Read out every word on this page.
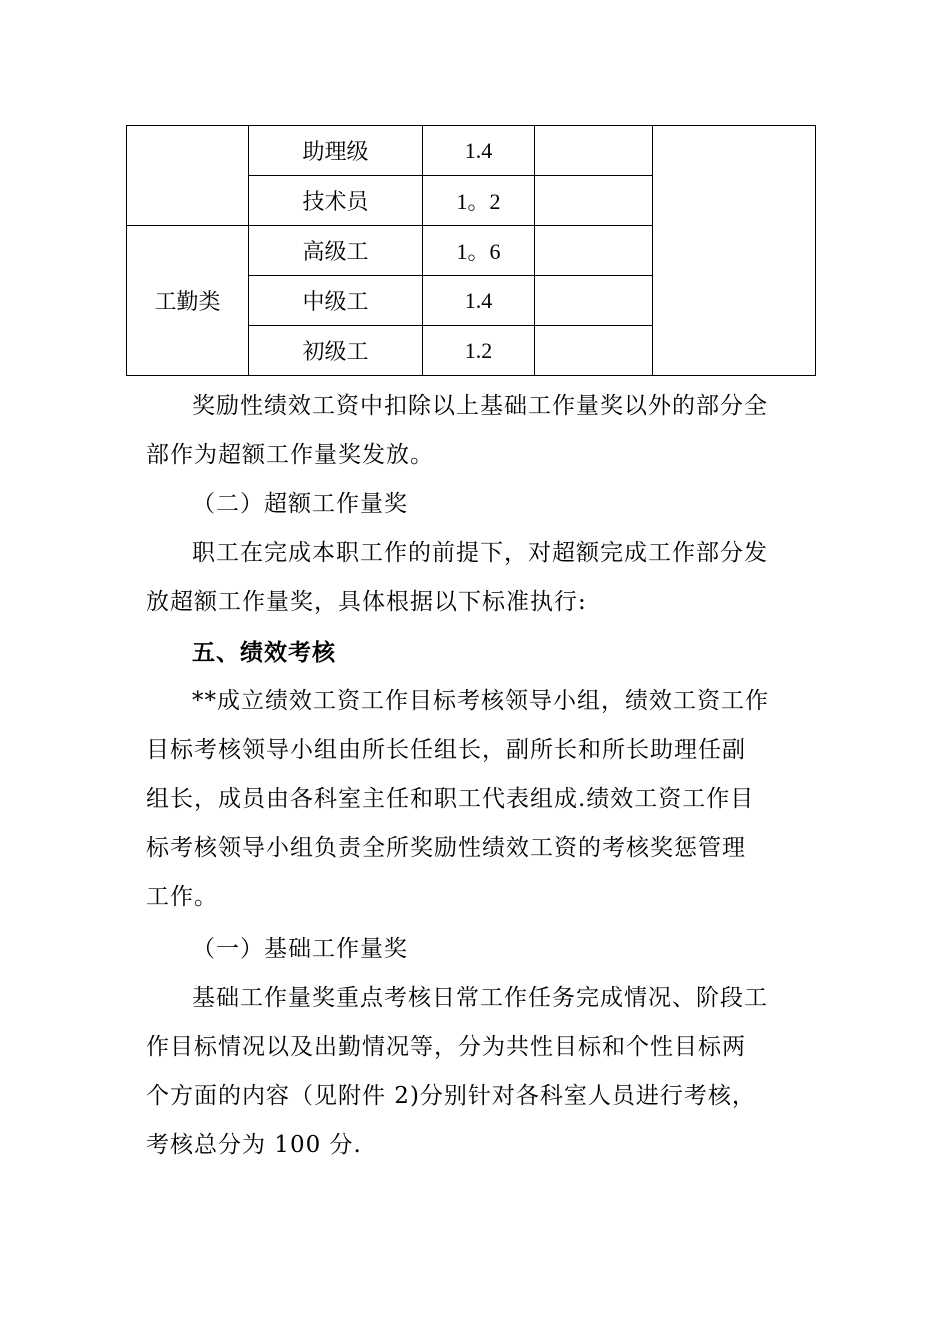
	助理级	1.4		
	技术员	1。2		
工勤类	高级工	1。6		
	中级工	1.4		
	初级工	1.2		
奖励性绩效工资中扣除以上基础工作量奖以外的部分全
部作为超额工作量奖发放。
（二）超额工作量奖
职工在完成本职工作的前提下，对超额完成工作部分发
放超额工作量奖，具体根据以下标准执行:
五、绩效考核
**成立绩效工资工作目标考核领导小组，绩效工资工作
目标考核领导小组由所长任组长，副所长和所长助理任副
组长，成员由各科室主任和职工代表组成.绩效工资工作目
标考核领导小组负责全所奖励性绩效工资的考核奖惩管理
工作。
（一）基础工作量奖
基础工作量奖重点考核日常工作任务完成情况、阶段工
作目标情况以及出勤情况等，分为共性目标和个性目标两
个方面的内容（见附件 2)分别针对各科室人员进行考核，
考核总分为 100 分.
